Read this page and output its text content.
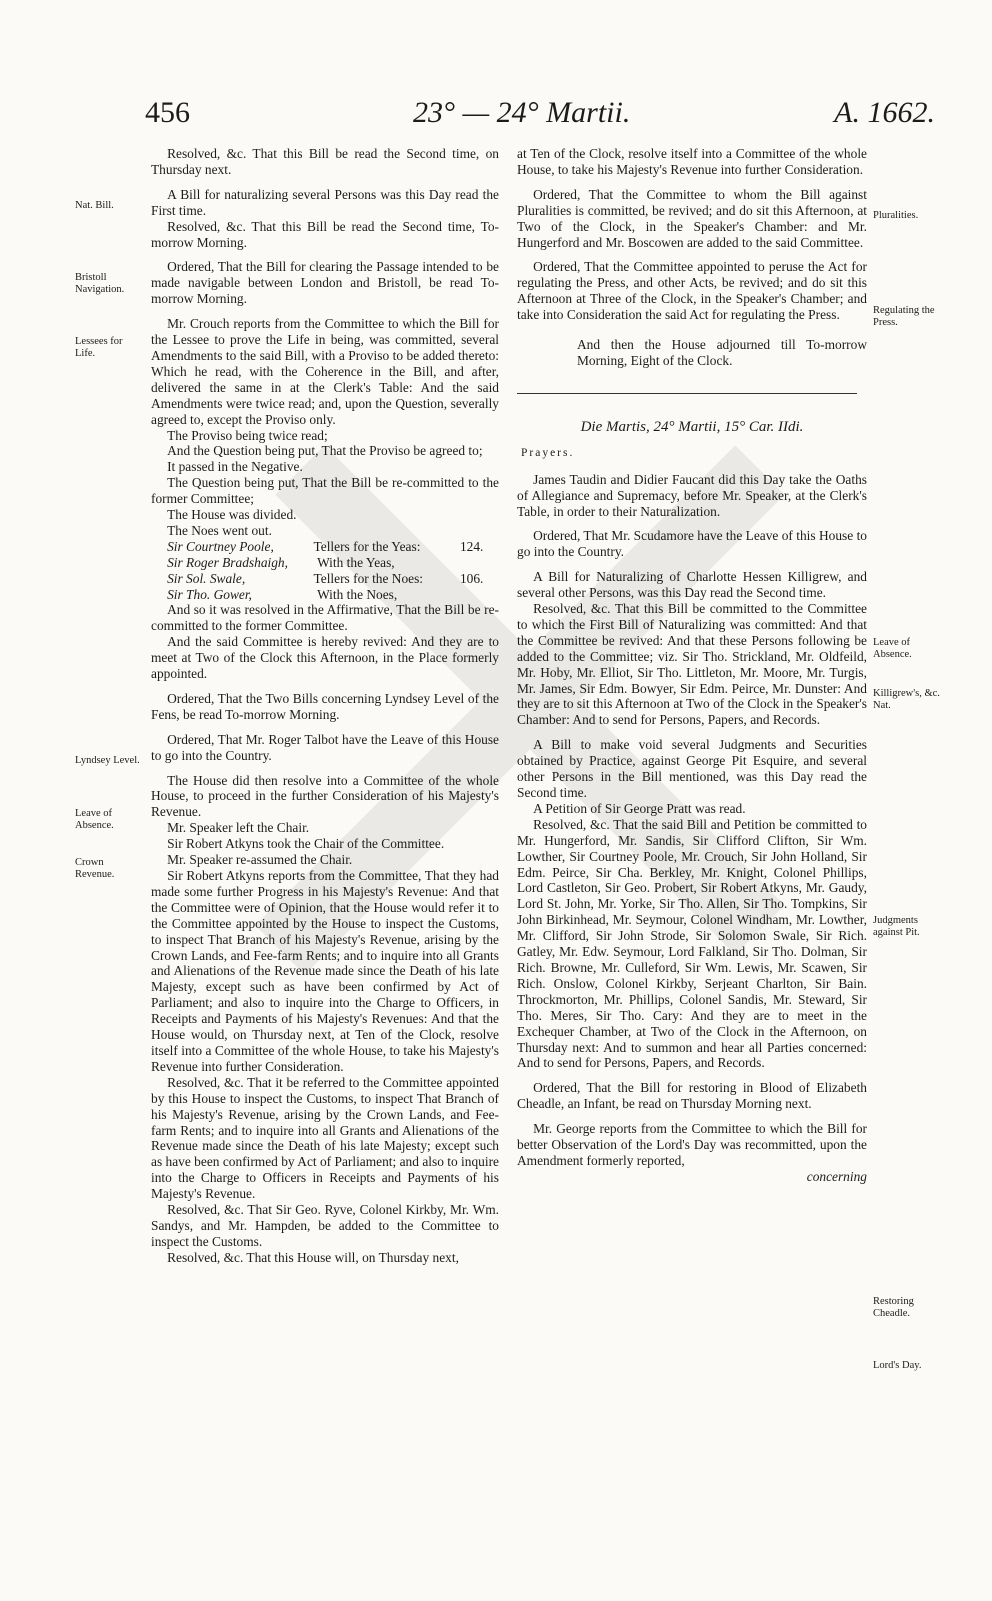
456	23° — 24° Martii.	A. 1662.
Nat. Bill.
Bristoll Navigation.
Lessees for Life.
Lyndsey Level.
Leave of Absence.
Crown Revenue.
Pluralities.
Regulating the Press.
Leave of Absence.
Killigrew's, &c. Nat.
Judgments against Pit.
Restoring Cheadle.
Lord's Day.

Resolved, &c. That this Bill be read the Second time, on Thursday next.

A Bill for naturalizing several Persons was this Day read the First time.

Resolved, &c. That this Bill be read the Second time, To-morrow Morning.

Ordered, That the Bill for clearing the Passage intended to be made navigable between London and Bristoll, be read To-morrow Morning.

Mr. Crouch reports from the Committee to which the Bill for the Lessee to prove the Life in being, was committed, several Amendments to the said Bill, with a Proviso to be added thereto: Which he read, with the Coherence in the Bill, and after, delivered the same in at the Clerk's Table: And the said Amendments were twice read; and, upon the Question, severally agreed to, except the Proviso only.

The Proviso being twice read;

And the Question being put, That the Proviso be agreed to;

It passed in the Negative.

The Question being put, That the Bill be re-committed to the former Committee;

The House was divided.

The Noes went out.

Sir Courtney Poole,	Tellers for the Yeas:	124.
Sir Roger Bradshaigh,	With the Yeas,
Sir Sol. Swale,	Tellers for the Noes:	106.
Sir Tho. Gower,	With the Noes,

And so it was resolved in the Affirmative, That the Bill be re-committed to the former Committee.

And the said Committee is hereby revived: And they are to meet at Two of the Clock this Afternoon, in the Place formerly appointed.

Ordered, That the Two Bills concerning Lyndsey Level of the Fens, be read To-morrow Morning.

Ordered, That Mr. Roger Talbot have the Leave of this House to go into the Country.

The House did then resolve into a Committee of the whole House, to proceed in the further Consideration of his Majesty's Revenue.

Mr. Speaker left the Chair.

Sir Robert Atkyns took the Chair of the Committee.

Mr. Speaker re-assumed the Chair.

Sir Robert Atkyns reports from the Committee, That they had made some further Progress in his Majesty's Revenue: And that the Committee were of Opinion, that the House would refer it to the Committee appointed by the House to inspect the Customs, to inspect That Branch of his Majesty's Revenue, arising by the Crown Lands, and Fee-farm Rents; and to inquire into all Grants and Alienations of the Revenue made since the Death of his late Majesty, except such as have been confirmed by Act of Parliament; and also to inquire into the Charge to Officers, in Receipts and Payments of his Majesty's Revenues: And that the House would, on Thursday next, at Ten of the Clock, resolve itself into a Committee of the whole House, to take his Majesty's Revenue into further Consideration.

Resolved, &c. That it be referred to the Committee appointed by this House to inspect the Customs, to inspect That Branch of his Majesty's Revenue, arising by the Crown Lands, and Fee-farm Rents; and to inquire into all Grants and Alienations of the Revenue made since the Death of his late Majesty; except such as have been confirmed by Act of Parliament; and also to inquire into the Charge to Officers in Receipts and Payments of his Majesty's Revenue.

Resolved, &c. That Sir Geo. Ryve, Colonel Kirkby, Mr. Wm. Sandys, and Mr. Hampden, be added to the Committee to inspect the Customs.

Resolved, &c. That this House will, on Thursday next,

at Ten of the Clock, resolve itself into a Committee of the whole House, to take his Majesty's Revenue into further Consideration.

Ordered, That the Committee to whom the Bill against Pluralities is committed, be revived; and do sit this Afternoon, at Two of the Clock, in the Speaker's Chamber: and Mr. Hungerford and Mr. Boscowen are added to the said Committee.

Ordered, That the Committee appointed to peruse the Act for regulating the Press, and other Acts, be revived; and do sit this Afternoon at Three of the Clock, in the Speaker's Chamber; and take into Consideration the said Act for regulating the Press.

And then the House adjourned till To-morrow Morning, Eight of the Clock.

Die Martis, 24° Martii, 15° Car. IIdi.

Prayers.

James Taudin and Didier Faucant did this Day take the Oaths of Allegiance and Supremacy, before Mr. Speaker, at the Clerk's Table, in order to their Naturalization.

Ordered, That Mr. Scudamore have the Leave of this House to go into the Country.

A Bill for Naturalizing of Charlotte Hessen Killigrew, and several other Persons, was this Day read the Second time.

Resolved, &c. That this Bill be committed to the Committee to which the First Bill of Naturalizing was committed: And that the Committee be revived: And that these Persons following be added to the Committee; viz. Sir Tho. Strickland, Mr. Oldfeild, Mr. Hoby, Mr. Elliot, Sir Tho. Littleton, Mr. Moore, Mr. Turgis, Mr. James, Sir Edm. Bowyer, Sir Edm. Peirce, Mr. Dunster: And they are to sit this Afternoon at Two of the Clock in the Speaker's Chamber: And to send for Persons, Papers, and Records.

A Bill to make void several Judgments and Securities obtained by Practice, against George Pit Esquire, and several other Persons in the Bill mentioned, was this Day read the Second time.

A Petition of Sir George Pratt was read.

Resolved, &c. That the said Bill and Petition be committed to Mr. Hungerford, Mr. Sandis, Sir Clifford Clifton, Sir Wm. Lowther, Sir Courtney Poole, Mr. Crouch, Sir John Holland, Sir Edm. Peirce, Sir Cha. Berkley, Mr. Knight, Colonel Phillips, Lord Castleton, Sir Geo. Probert, Sir Robert Atkyns, Mr. Gaudy, Lord St. John, Mr. Yorke, Sir Tho. Allen, Sir Tho. Tompkins, Sir John Birkinhead, Mr. Seymour, Colonel Windham, Mr. Lowther, Mr. Clifford, Sir John Strode, Sir Solomon Swale, Sir Rich. Gatley, Mr. Edw. Seymour, Lord Falkland, Sir Tho. Dolman, Sir Rich. Browne, Mr. Culleford, Sir Wm. Lewis, Mr. Scawen, Sir Rich. Onslow, Colonel Kirkby, Serjeant Charlton, Sir Bain. Throckmorton, Mr. Phillips, Colonel Sandis, Mr. Steward, Sir Tho. Meres, Sir Tho. Cary: And they are to meet in the Exchequer Chamber, at Two of the Clock in the Afternoon, on Thursday next: And to summon and hear all Parties concerned: And to send for Persons, Papers, and Records.

Ordered, That the Bill for restoring in Blood of Elizabeth Cheadle, an Infant, be read on Thursday Morning next.

Mr. George reports from the Committee to which the Bill for better Observation of the Lord's Day was recommitted, upon the Amendment formerly reported,

concerning
